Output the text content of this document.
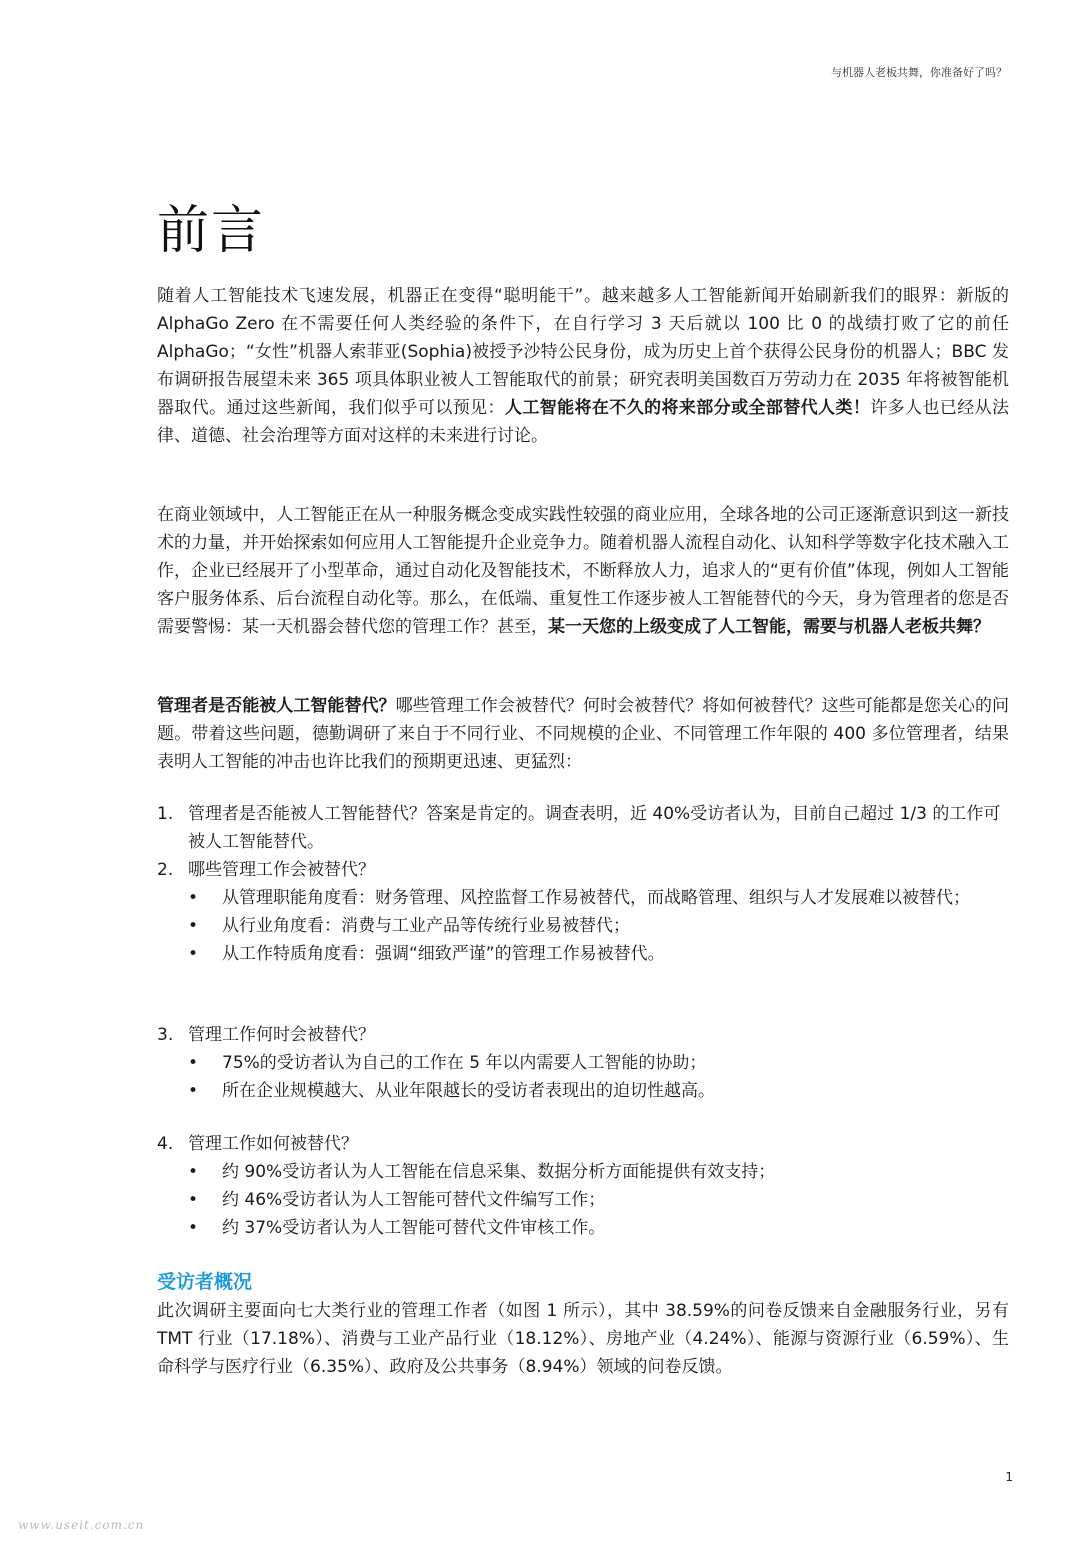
与机器人老板共舞，你准备好了吗？
前言

随着人工智能技术飞速发展，机器正在变得“聪明能干”。越来越多人工智能新闻开始刷新我们的眼界：新版的 AlphaGo Zero 在不需要任何人类经验的条件下，在自行学习 3 天后就以 100 比 0 的战绩打败了它的前任 AlphaGo；“女性”机器人索菲亚(Sophia)被授予沙特公民身份，成为历史上首个获得公民身份的机器人；BBC 发布调研报告展望未来 365 项具体职业被人工智能取代的前景；研究表明美国数百万劳动力在 2035 年将被智能机器取代。通过这些新闻，我们似乎可以预见：人工智能将在不久的将来部分或全部替代人类！许多人也已经从法律、道德、社会治理等方面对这样的未来进行讨论。

在商业领域中，人工智能正在从一种服务概念变成实践性较强的商业应用，全球各地的公司正逐渐意识到这一新技术的力量，并开始探索如何应用人工智能提升企业竞争力。随着机器人流程自动化、认知科学等数字化技术融入工作，企业已经展开了小型革命，通过自动化及智能技术，不断释放人力，追求人的“更有价值”体现，例如人工智能客户服务体系、后台流程自动化等。那么，在低端、重复性工作逐步被人工智能替代的今天，身为管理者的您是否需要警惕：某一天机器会替代您的管理工作？甚至，某一天您的上级变成了人工智能，需要与机器人老板共舞？

管理者是否能被人工智能替代？哪些管理工作会被替代？何时会被替代？将如何被替代？这些可能都是您关心的问题。带着这些问题，德勤调研了来自于不同行业、不同规模的企业、不同管理工作年限的 400 多位管理者，结果表明人工智能的冲击也许比我们的预期更迅速、更猛烈：

1. 管理者是否能被人工智能替代？答案是肯定的。调查表明，近 40%受访者认为，目前自己超过 1/3 的工作可被人工智能替代。
2. 哪些管理工作会被替代？
• 从管理职能角度看：财务管理、风控监督工作易被替代，而战略管理、组织与人才发展难以被替代；
• 从行业角度看：消费与工业产品等传统行业易被替代；
• 从工作特质角度看：强调“细致严谨”的管理工作易被替代。
3. 管理工作何时会被替代？
• 75%的受访者认为自己的工作在 5 年以内需要人工智能的协助；
• 所在企业规模越大、从业年限越长的受访者表现出的迫切性越高。
4. 管理工作如何被替代？
• 约 90%受访者认为人工智能在信息采集、数据分析方面能提供有效支持；
• 约 46%受访者认为人工智能可替代文件编写工作；
• 约 37%受访者认为人工智能可替代文件审核工作。
受访者概况

此次调研主要面向七大类行业的管理工作者（如图 1 所示），其中 38.59%的问卷反馈来自金融服务行业，另有 TMT 行业（17.18%）、消费与工业产品行业（18.12%）、房地产业（4.24%）、能源与资源行业（6.59%）、生命科学与医疗行业（6.35%）、政府及公共事务（8.94%）领域的问卷反馈。

1
www.useit.com.cn
